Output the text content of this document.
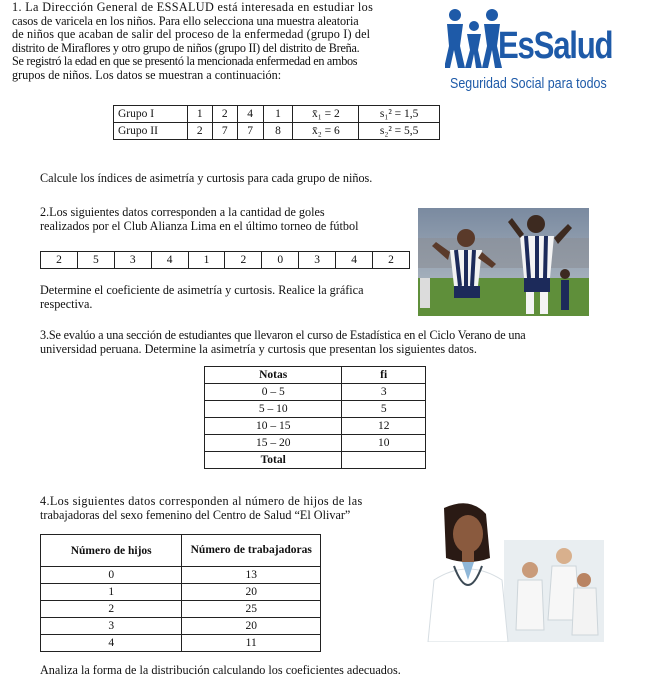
1. La Dirección General de ESSALUD está interesada en estudiar los
casos de varicela en los niños. Para ello selecciona una muestra aleatoria
de niños que acaban de salir del proceso de la enfermedad (grupo I) del
distrito de Miraflores y otro grupo de niños (grupo II) del distrito de Breña.
Se registró la edad en que se presentó la mencionada enfermedad en ambos
grupos de niños. Los datos se muestran a continuación:
EsSalud
Seguridad Social para todos
Grupo I	1	2	4	1	x̄₁ = 2	s₁² = 1,5
Grupo II	2	7	7	8	x̄₂ = 6	s₂² = 5,5
Calcule los índices de asimetría y curtosis para cada grupo de niños.
2.Los siguientes datos corresponden a la cantidad de goles
realizados por el Club Alianza Lima en el último torneo de fútbol
2	5	3	4	1	2	0	3	4	2
Determine el coeficiente de asimetría y curtosis. Realice la gráfica
respectiva.
3.Se evalúo a una sección de estudiantes que llevaron el curso de Estadística en el Ciclo Verano de una
universidad peruana. Determine la asimetría y curtosis que presentan los siguientes datos.
Notas	fi
0 – 5	3
5 – 10	5
10 – 15	12
15 – 20	10
Total	
4.Los siguientes datos corresponden al número de hijos de las
trabajadoras del sexo femenino del Centro de Salud “El Olivar”
Número de hijos	Número de trabajadoras
0	13
1	20
2	25
3	20
4	11
Analiza la forma de la distribución calculando los coeficientes adecuados.
